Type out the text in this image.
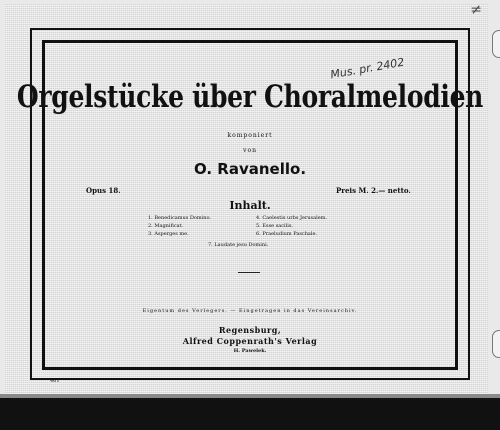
≠
Mus. pr. 2402
Orgelstücke über Choralmelodien
komponiert
von
O. Ravanello.
Opus 18.	Preis M. 2.— netto.
Inhalt.
1. Benedicamus Domino.
2. Magnificat.
3. Asperges me.
4. Caelestis urbs Jerusalem.
5. Esse sacilis.
6. Praeludium Paschale.
7. Laudate jesu Domini.
Eigentum des Verlegers. — Eingetragen in das Vereinsarchiv.
Regensburg,
Alfred Coppenrath's Verlag
H. Pawelek.
461
